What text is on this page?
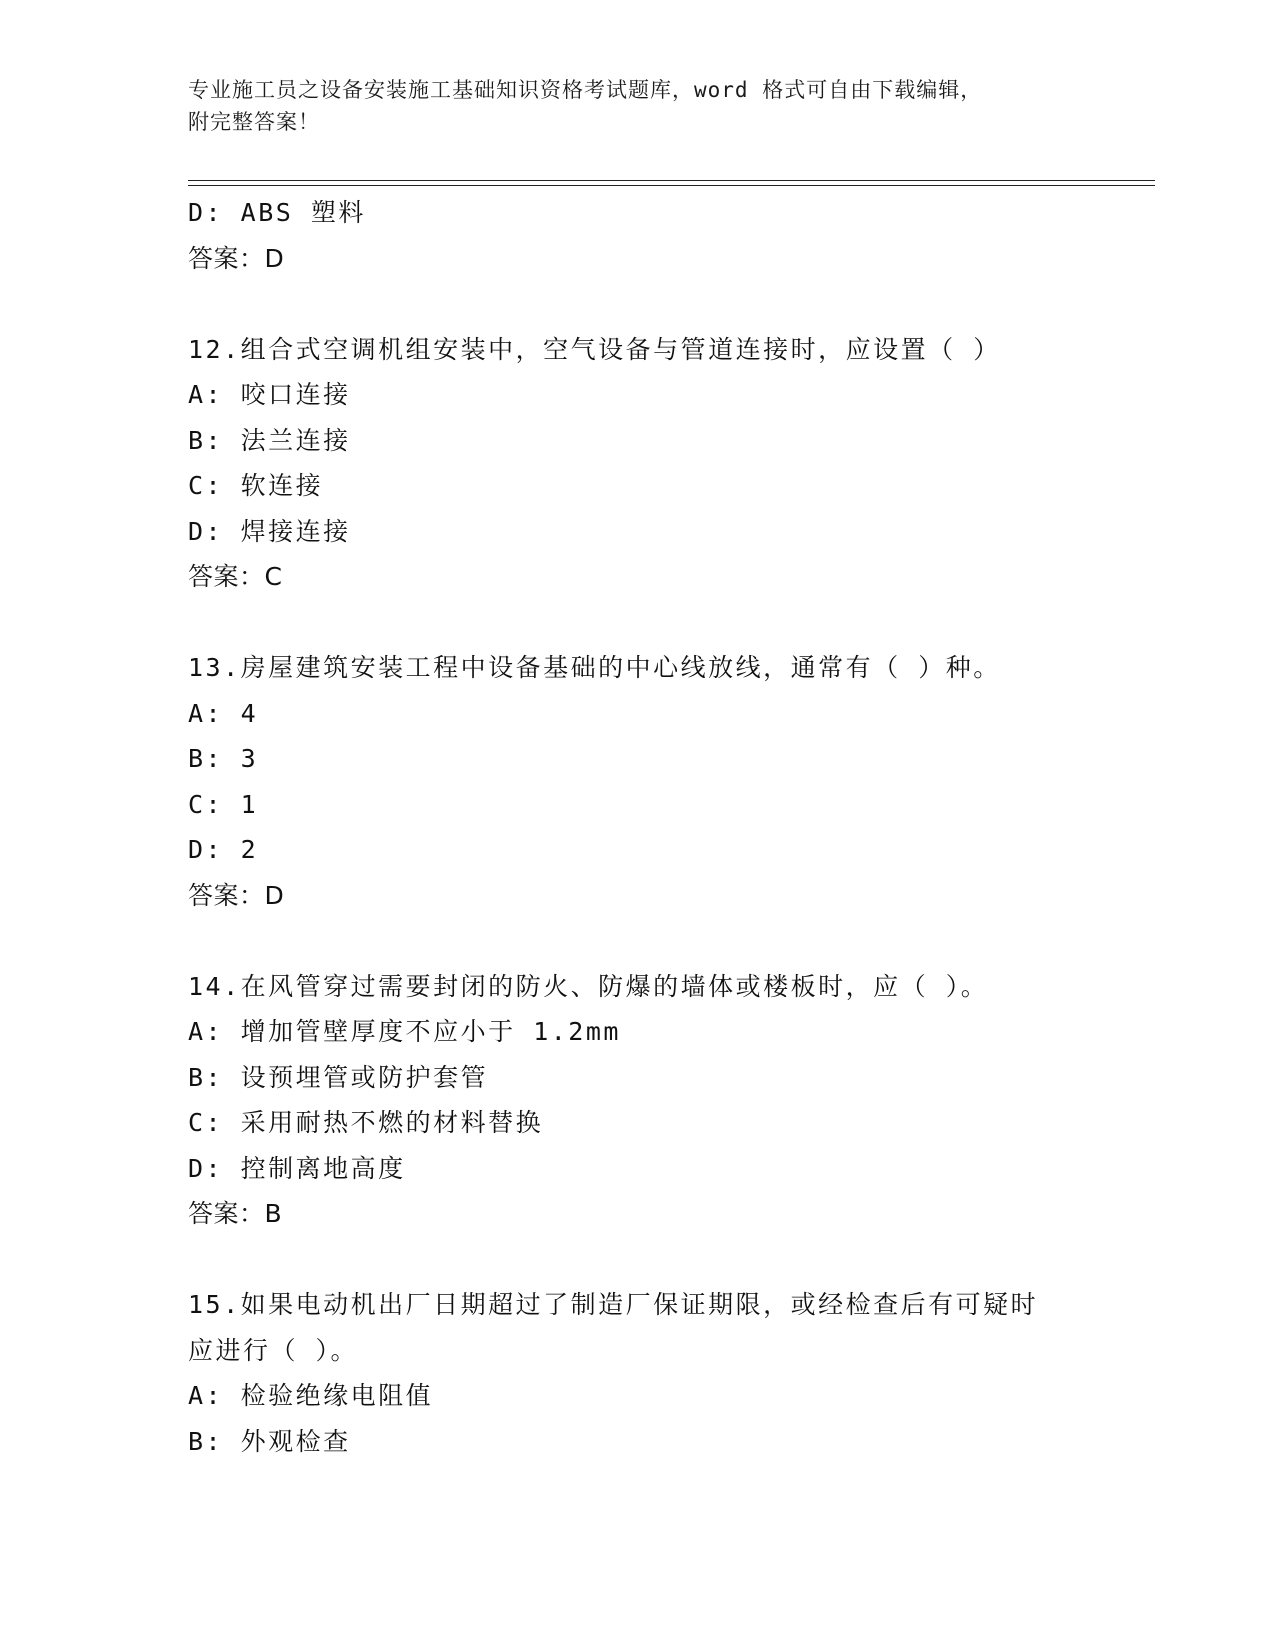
专业施工员之设备安装施工基础知识资格考试题库，word 格式可自由下载编辑，
附完整答案！
D: ABS 塑料
答案：D
12.组合式空调机组安装中，空气设备与管道连接时，应设置（ ）
A: 咬口连接
B: 法兰连接
C: 软连接
D: 焊接连接
答案：C
13.房屋建筑安装工程中设备基础的中心线放线，通常有（ ）种。
A: 4
B: 3
C: 1
D: 2
答案：D
14.在风管穿过需要封闭的防火、防爆的墙体或楼板时，应（ ）。
A: 增加管壁厚度不应小于 1.2mm
B: 设预埋管或防护套管
C: 采用耐热不燃的材料替换
D: 控制离地高度
答案：B
15.如果电动机出厂日期超过了制造厂保证期限，或经检查后有可疑时
应进行（ ）。
A: 检验绝缘电阻值
B: 外观检查
